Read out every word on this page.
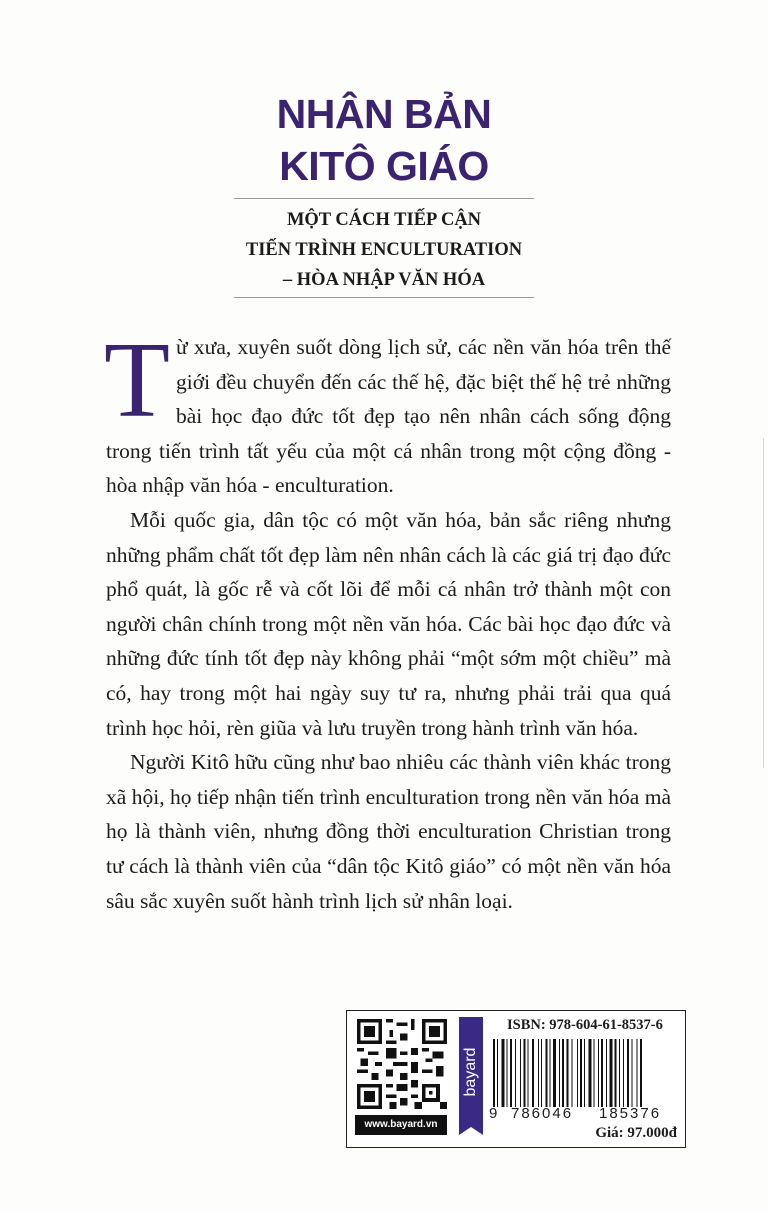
NHÂN BẢN
KITÔ GIÁO
MỘT CÁCH TIẾP CẬN
TIẾN TRÌNH ENCULTURATION
– HÒA NHẬP VĂN HÓA

Từ xưa, xuyên suốt dòng lịch sử, các nền văn hóa trên thế giới đều chuyển đến các thế hệ, đặc biệt thế hệ trẻ những bài học đạo đức tốt đẹp tạo nên nhân cách sống động trong tiến trình tất yếu của một cá nhân trong một cộng đồng - hòa nhập văn hóa - enculturation.

Mỗi quốc gia, dân tộc có một văn hóa, bản sắc riêng nhưng những phẩm chất tốt đẹp làm nên nhân cách là các giá trị đạo đức phổ quát, là gốc rễ và cốt lõi để mỗi cá nhân trở thành một con người chân chính trong một nền văn hóa. Các bài học đạo đức và những đức tính tốt đẹp này không phải “một sớm một chiều” mà có, hay trong một hai ngày suy tư ra, nhưng phải trải qua quá trình học hỏi, rèn giũa và lưu truyền trong hành trình văn hóa.

Người Kitô hữu cũng như bao nhiêu các thành viên khác trong xã hội, họ tiếp nhận tiến trình enculturation trong nền văn hóa mà họ là thành viên, nhưng đồng thời enculturation Christian trong tư cách là thành viên của “dân tộc Kitô giáo” có một nền văn hóa sâu sắc xuyên suốt hành trình lịch sử nhân loại.

www.bayard.vn
bayard
ISBN: 978-604-61-8537-6
9 786046 185376
Giá: 97.000đ
